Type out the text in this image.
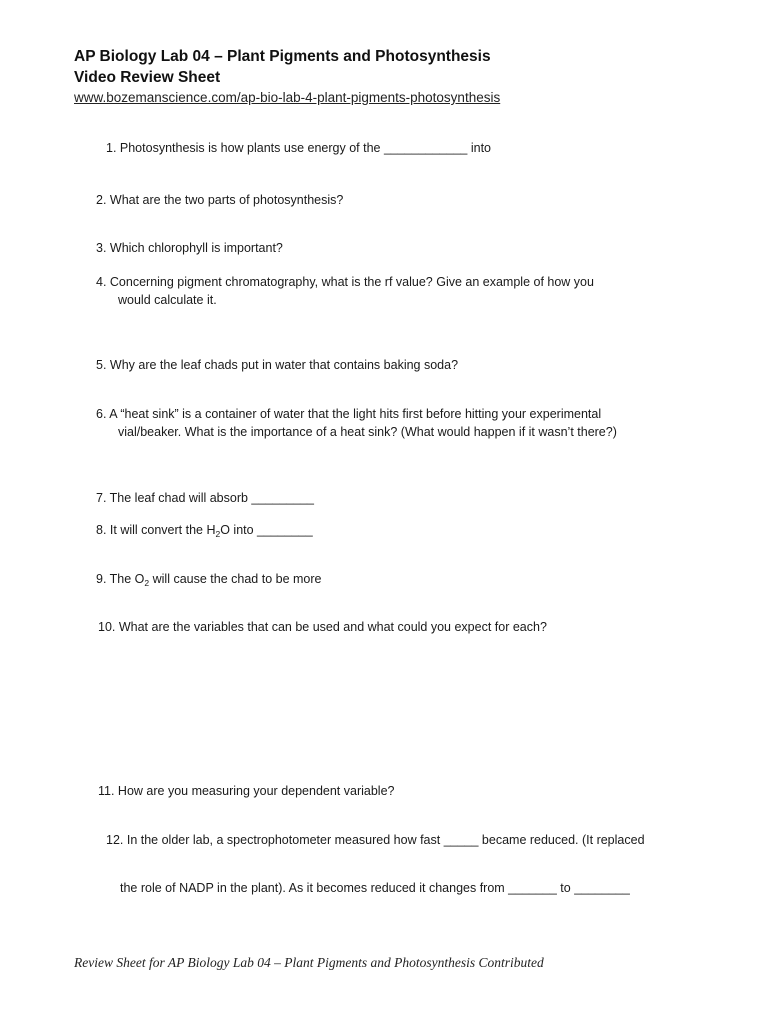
AP Biology Lab 04 – Plant Pigments and Photosynthesis
Video Review Sheet
www.bozemanscience.com/ap-bio-lab-4-plant-pigments-photosynthesis
1. Photosynthesis is how plants use energy of the ____________ into
2. What are the two parts of photosynthesis?
3. Which chlorophyll is important?
4. Concerning pigment chromatography, what is the rf value? Give an example of how you
would calculate it.
5. Why are the leaf chads put in water that contains baking soda?
6. A “heat sink” is a container of water that the light hits first before hitting your experimental
vial/beaker. What is the importance of a heat sink? (What would happen if it wasn’t there?)
7. The leaf chad will absorb _________
8. It will convert the $H_2O$ into ________
9. The $O_2$ will cause the chad to be more
10. What are the variables that can be used and what could you expect for each?
11. How are you measuring your dependent variable?
12. In the older lab, a spectrophotometer measured how fast _____ became reduced. (It replaced
the role of NADP in the plant). As it becomes reduced it changes from _______ to ________
Review Sheet for AP Biology Lab 04 – Plant Pigments and Photosynthesis Contributed
